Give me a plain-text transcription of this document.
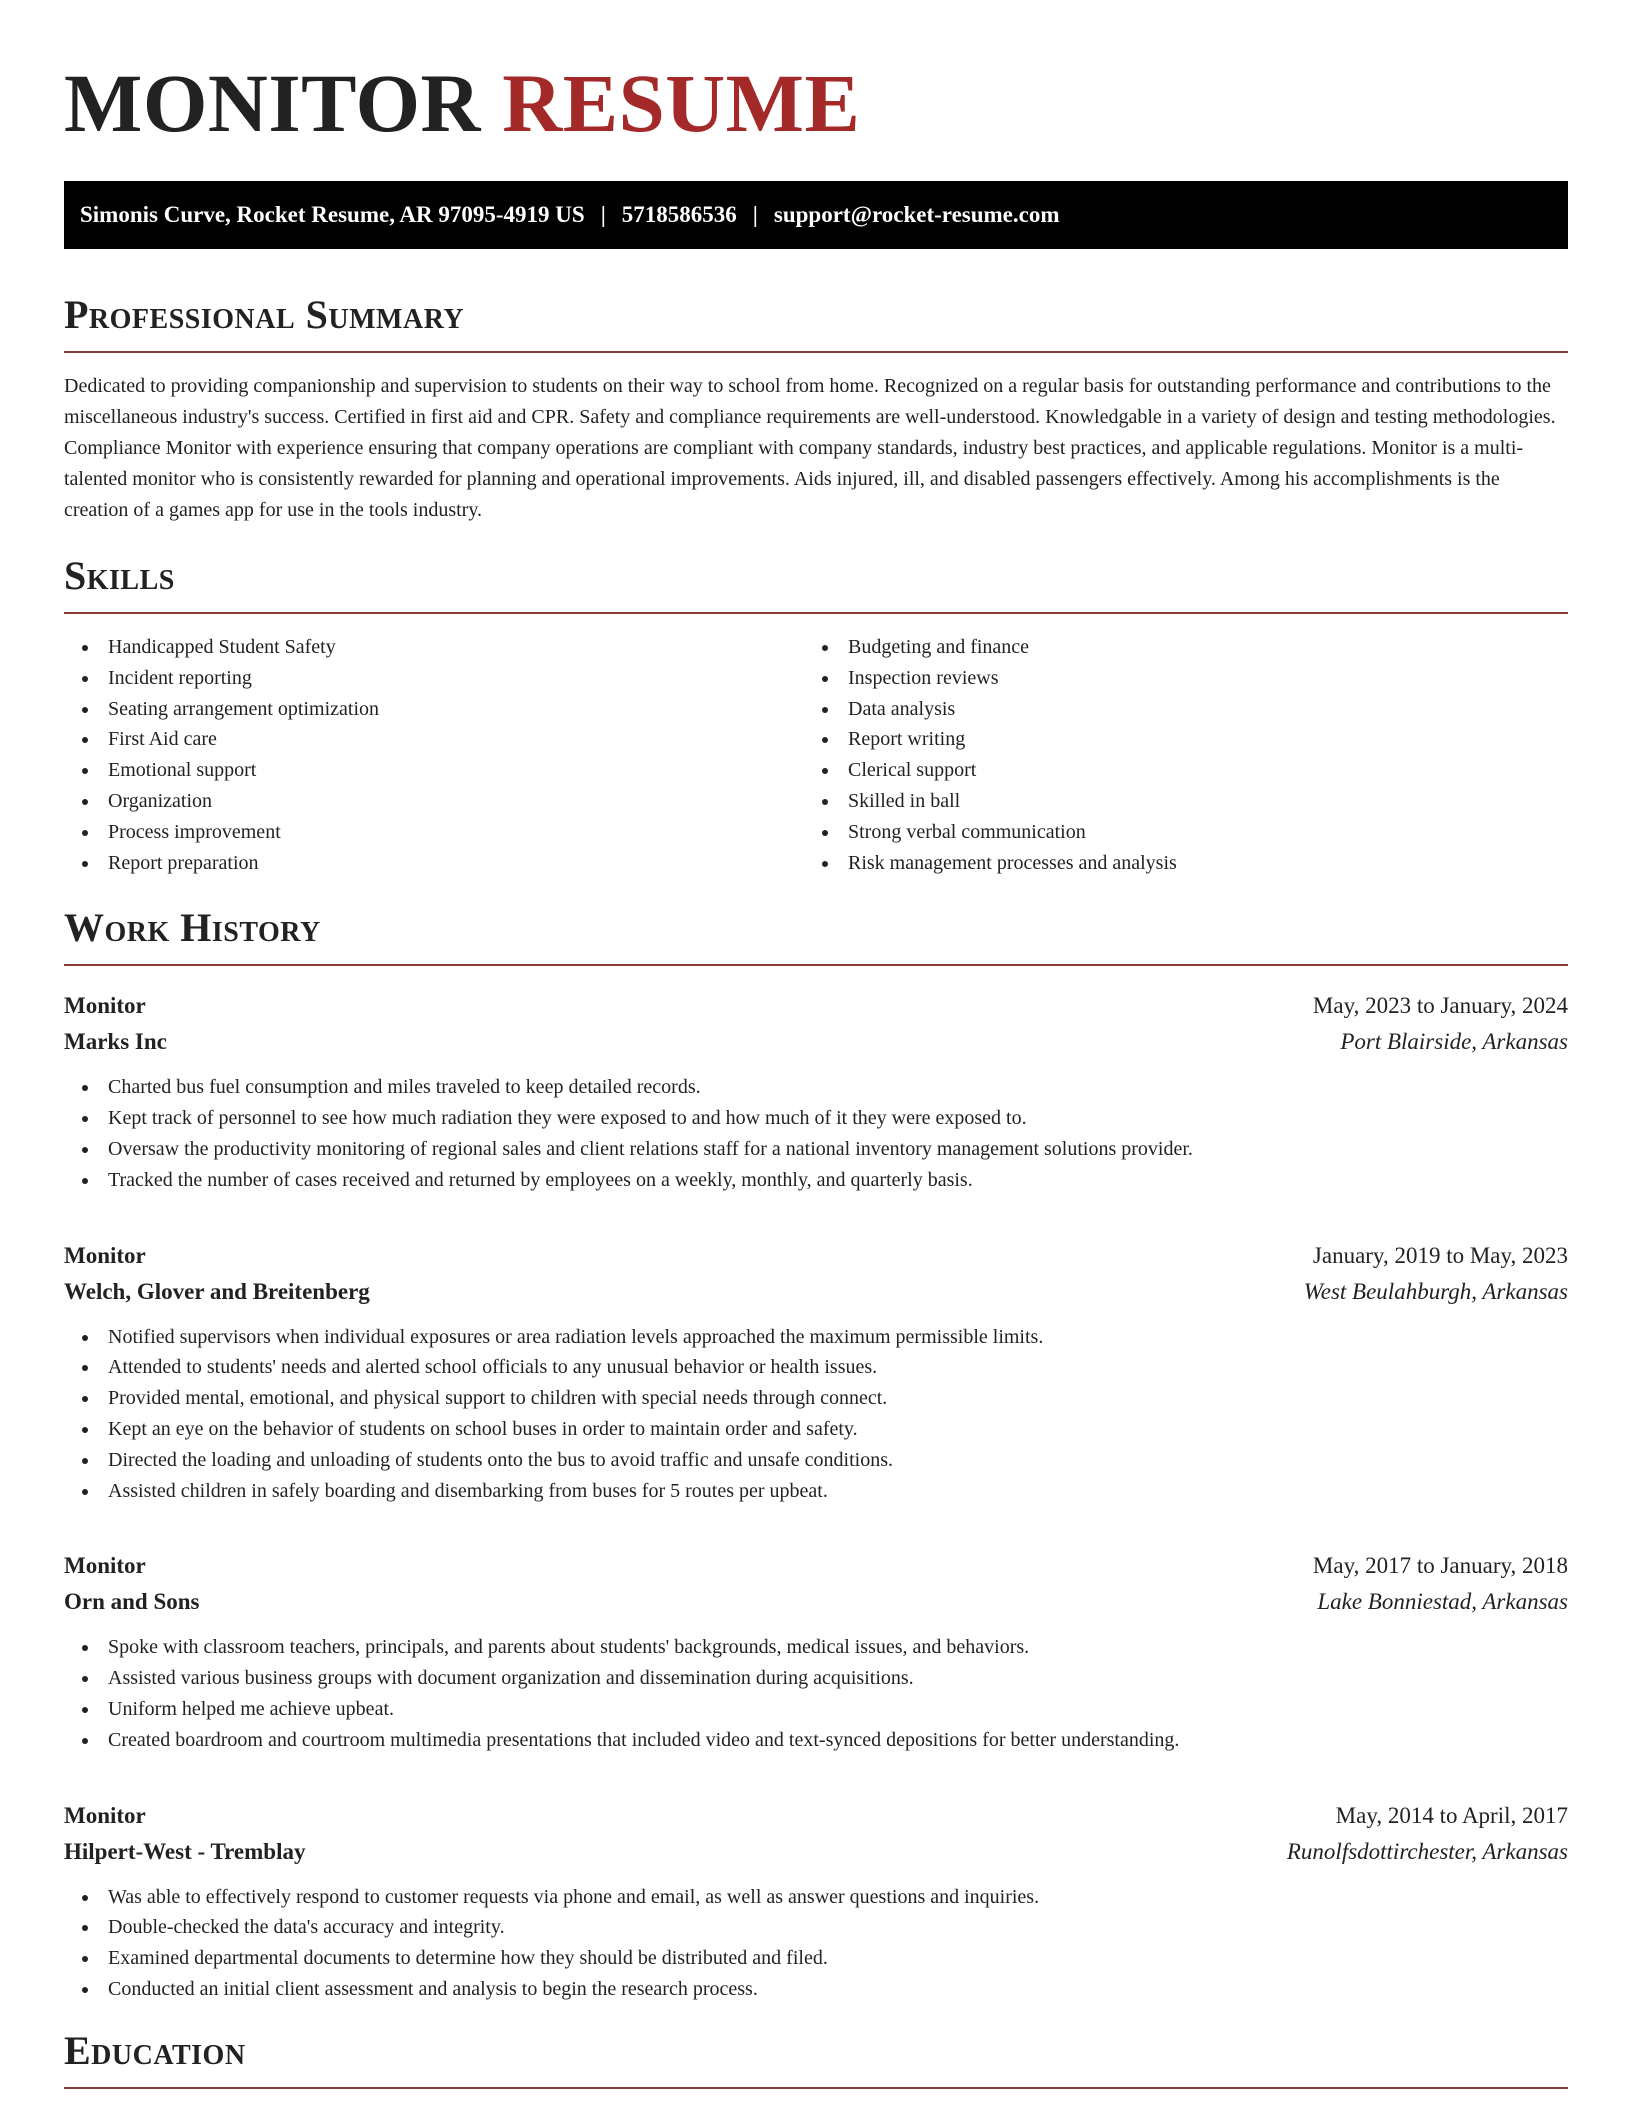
MONITOR RESUME
Simonis Curve, Rocket Resume, AR 97095-4919 US | 5718586536 | support@rocket-resume.com
Professional Summary

Dedicated to providing companionship and supervision to students on their way to school from home. Recognized on a regular basis for outstanding performance and contributions to the miscellaneous industry's success. Certified in first aid and CPR. Safety and compliance requirements are well-understood. Knowledgable in a variety of design and testing methodologies. Compliance Monitor with experience ensuring that company operations are compliant with company standards, industry best practices, and applicable regulations. Monitor is a multi-talented monitor who is consistently rewarded for planning and operational improvements. Aids injured, ill, and disabled passengers effectively. Among his accomplishments is the creation of a games app for use in the tools industry.

Skills
Handicapped Student Safety
Incident reporting
Seating arrangement optimization
First Aid care
Emotional support
Organization
Process improvement
Report preparation
Budgeting and finance
Inspection reviews
Data analysis
Report writing
Clerical support
Skilled in ball
Strong verbal communication
Risk management processes and analysis
Work History
Monitor	May, 2023 to January, 2024
Marks Inc	Port Blairside, Arkansas
Charted bus fuel consumption and miles traveled to keep detailed records.
Kept track of personnel to see how much radiation they were exposed to and how much of it they were exposed to.
Oversaw the productivity monitoring of regional sales and client relations staff for a national inventory management solutions provider.
Tracked the number of cases received and returned by employees on a weekly, monthly, and quarterly basis.
Monitor	January, 2019 to May, 2023
Welch, Glover and Breitenberg	West Beulahburgh, Arkansas
Notified supervisors when individual exposures or area radiation levels approached the maximum permissible limits.
Attended to students' needs and alerted school officials to any unusual behavior or health issues.
Provided mental, emotional, and physical support to children with special needs through connect.
Kept an eye on the behavior of students on school buses in order to maintain order and safety.
Directed the loading and unloading of students onto the bus to avoid traffic and unsafe conditions.
Assisted children in safely boarding and disembarking from buses for 5 routes per upbeat.
Monitor	May, 2017 to January, 2018
Orn and Sons	Lake Bonniestad, Arkansas
Spoke with classroom teachers, principals, and parents about students' backgrounds, medical issues, and behaviors.
Assisted various business groups with document organization and dissemination during acquisitions.
Uniform helped me achieve upbeat.
Created boardroom and courtroom multimedia presentations that included video and text-synced depositions for better understanding.
Monitor	May, 2014 to April, 2017
Hilpert-West - Tremblay	Runolfsdottirchester, Arkansas
Was able to effectively respond to customer requests via phone and email, as well as answer questions and inquiries.
Double-checked the data's accuracy and integrity.
Examined departmental documents to determine how they should be distributed and filed.
Conducted an initial client assessment and analysis to begin the research process.
Education
